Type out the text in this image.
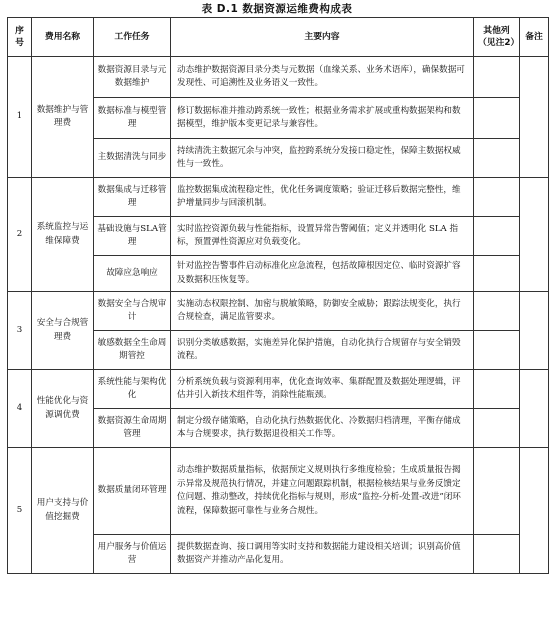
表 D.1 数据资源运维费构成表
序号	费用名称	工作任务	主要内容	其他列（见注2）	备注
1	数据维护与管理费	数据资源目录与元数据维护	动态维护数据资源目录分类与元数据（血缘关系、业务术语库），确保数据可发现性、可追溯性及业务语义一致性。		
		数据标准与模型管理	修订数据标准并推动跨系统一致性；根据业务需求扩展或重构数据架构和数据模型，维护版本变更记录与兼容性。		
		主数据清洗与同步	持续清洗主数据冗余与冲突，监控跨系统分发接口稳定性，保障主数据权威性与一致性。		
2	系统监控与运维保障费	数据集成与迁移管理	监控数据集成流程稳定性，优化任务调度策略；验证迁移后数据完整性，维护增量同步与回滚机制。		
		基础设施与SLA管理	实时监控资源负载与性能指标，设置异常告警阈值；定义并透明化 SLA 指标，预置弹性资源应对负载变化。		
		故障应急响应	针对监控告警事件启动标准化应急流程，包括故障根因定位、临时资源扩容及数据积压恢复等。		
3	安全与合规管理费	数据安全与合规审计	实施动态权限控制、加密与脱敏策略，防御安全威胁；跟踪法规变化，执行合规检查，满足监管要求。		
		敏感数据全生命周期管控	识别分类敏感数据，实施差异化保护措施，自动化执行合规留存与安全销毁流程。		
4	性能优化与资源调优费	系统性能与架构优化	分析系统负载与资源利用率，优化查询效率、集群配置及数据处理逻辑，评估并引入新技术组件等，消除性能瓶颈。		
		数据资源生命周期管理	制定分级存储策略，自动化执行热数据优化、冷数据归档清理，平衡存储成本与合规要求，执行数据退役相关工作等。		
5	用户支持与价值挖掘费	数据质量闭环管理	动态维护数据质量指标，依据预定义规则执行多维度检验；生成质量报告揭示异常及规范执行情况，并建立问题跟踪机制，根据检核结果与业务反馈定位问题、推动整改，持续优化指标与规则，形成“监控-分析-处置-改进”闭环流程，保障数据可靠性与业务合规性。		
		用户服务与价值运营	提供数据查询、接口调用等实时支持和数据能力建设相关培训；识别高价值数据资产并推动产品化复用。		
